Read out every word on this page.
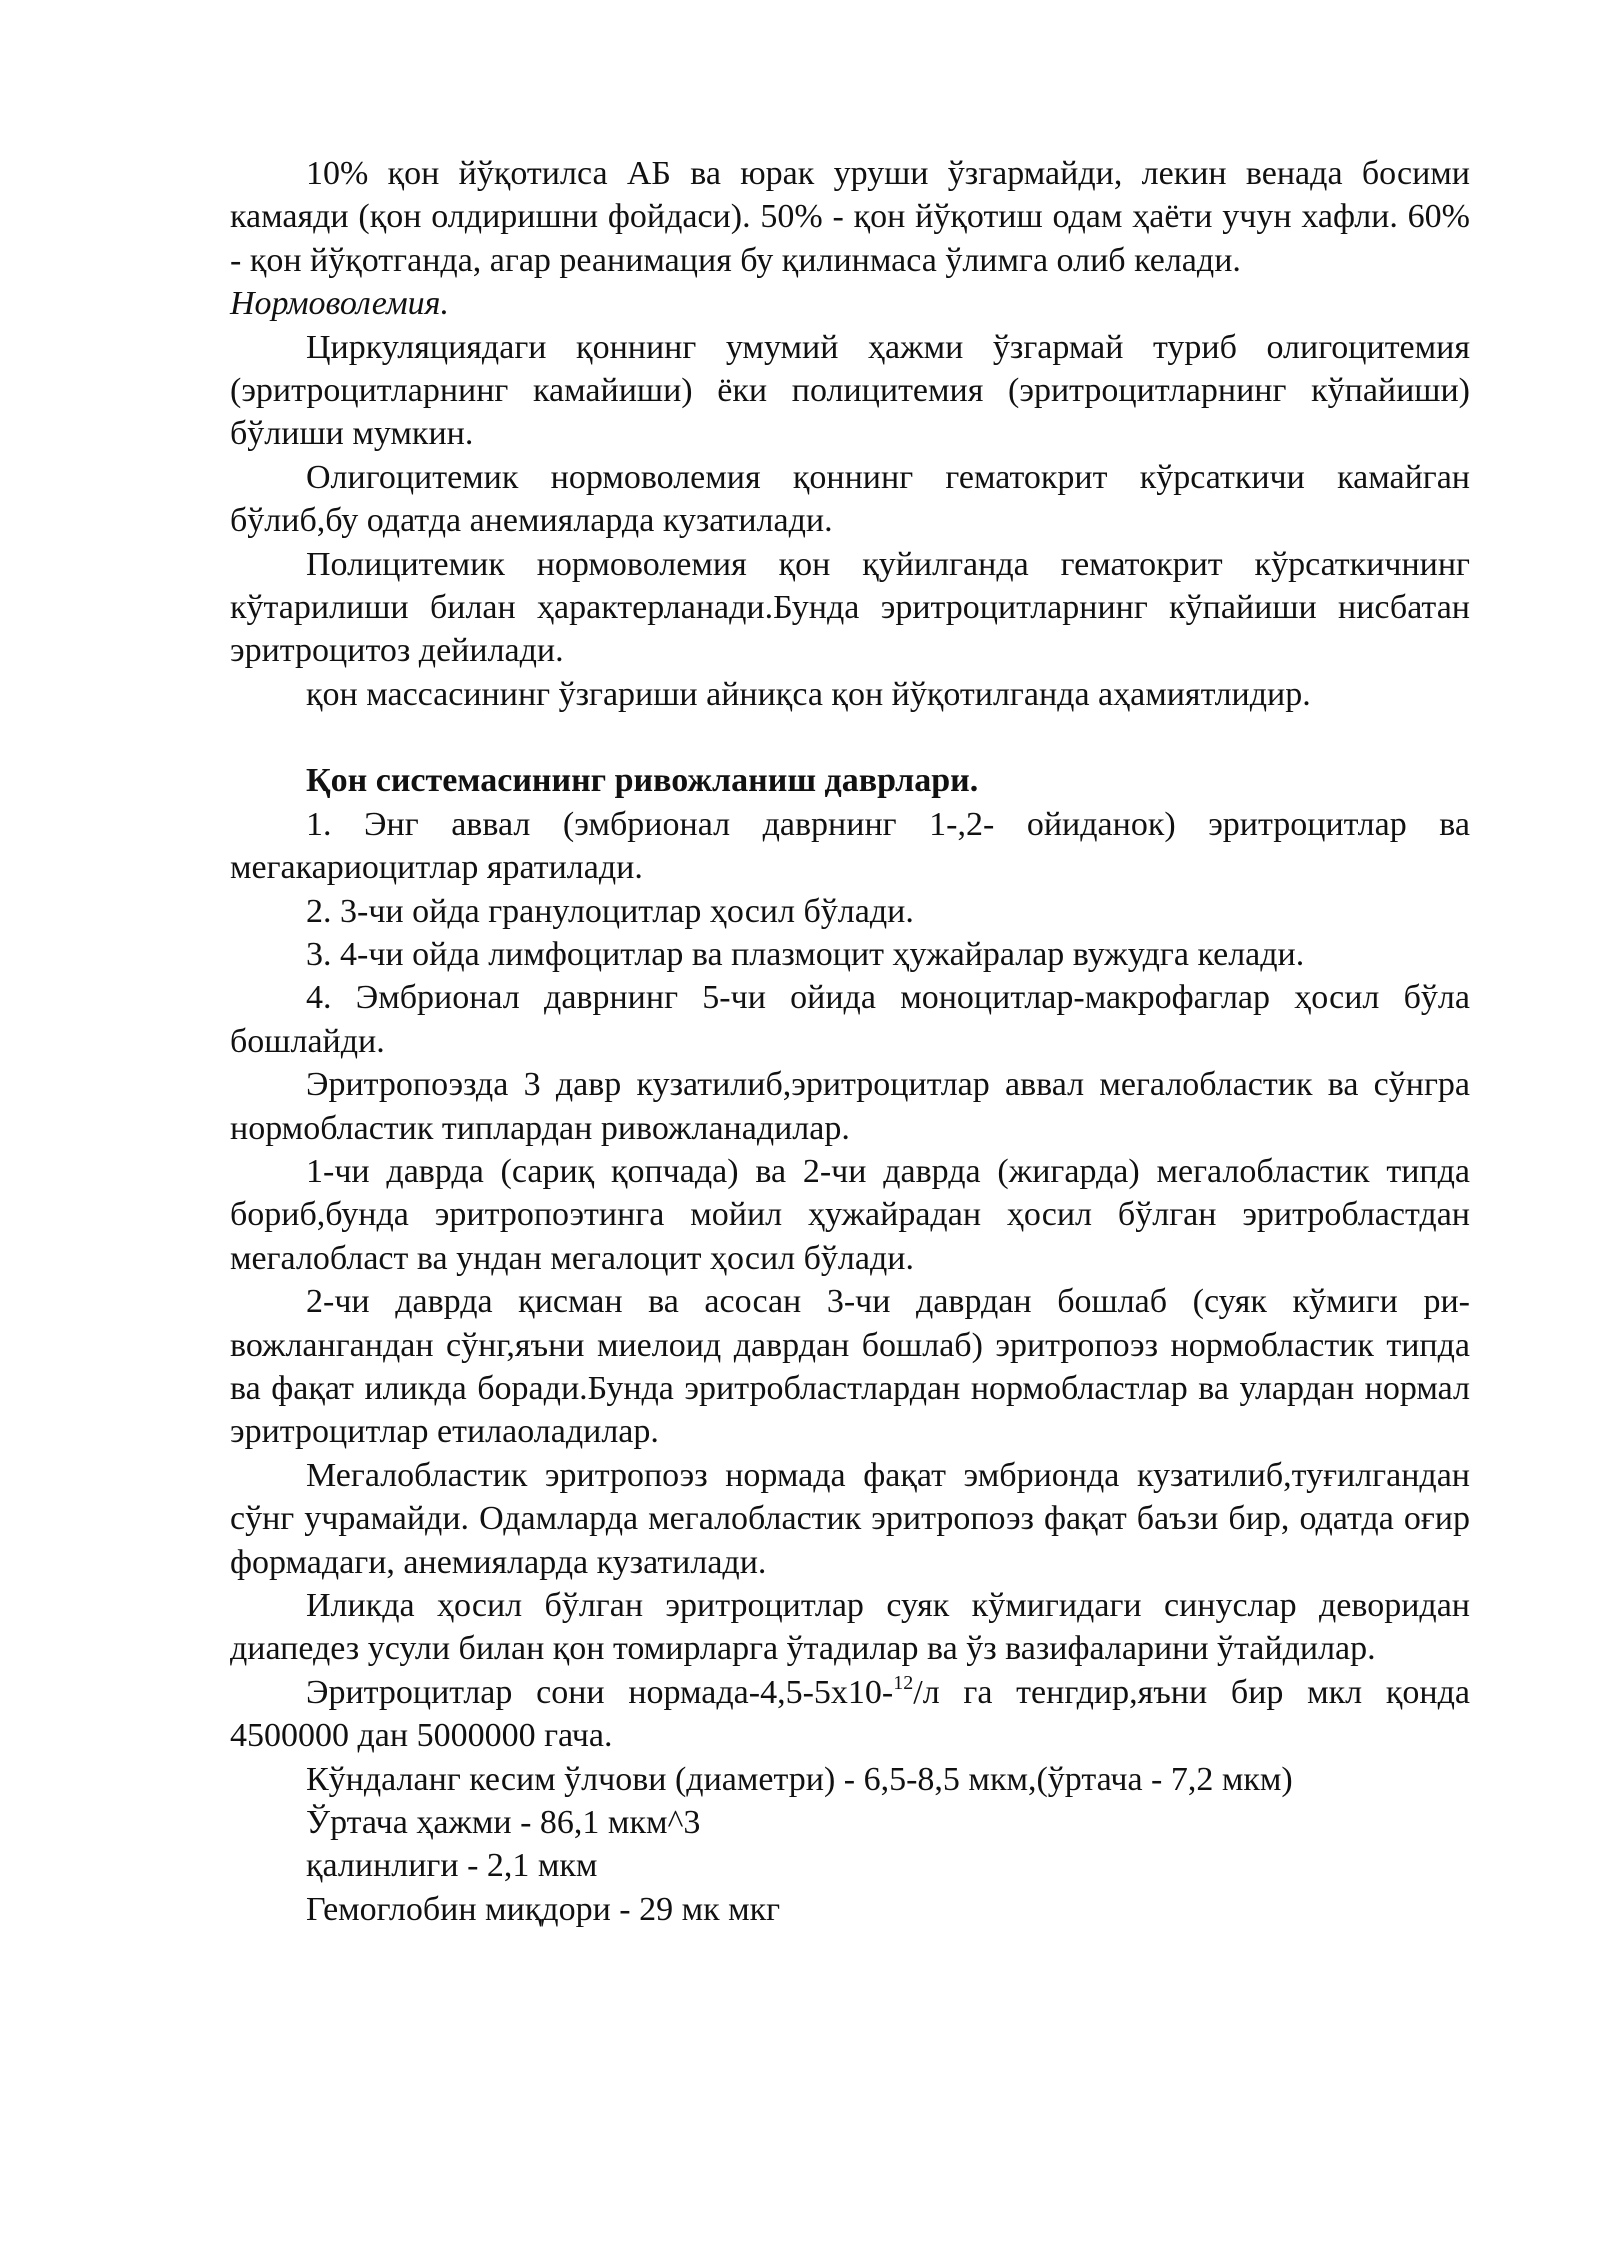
10% қон йўқотилса АБ ва юрак уруши ўзгармайди, лекин венада босими камаяди (қон олдиришни фойдаси). 50% - қон йўқотиш одам ҳаёти учун хафли. 60% - қон йўқотганда, агар реанимация бу қилинмаса ўлимга олиб келади.

Нормоволемия.

Циркуляциядаги қоннинг умумий ҳажми ўзгармай туриб олигоцитемия (эритроцитларнинг камайиши) ёки полицитемия (эритроцитларнинг кўпайиши) бўлиши мумкин.

Олигоцитемик нормоволемия қоннинг гематокрит кўрсаткичи камайган бўлиб,бу одатда анемияларда кузатилади.

Полицитемик нормоволемия қон қуйилганда гематокрит кўрсаткичнинг кўтарилиши билан ҳарактерланади.Бунда эритроцитларнинг кўпайиши нисбатан эритроцитоз дейилади.

қон массасининг ўзгариши айниқса қон йўқотилганда аҳамиятлидир.

Қон системасининг ривожланиш даврлари.

1. Энг аввал (эмбрионал даврнинг 1-,2- ойиданок) эритроцитлар ва мегакариоцитлар яратилади.

2. 3-чи ойда гранулоцитлар ҳосил бўлади.

3. 4-чи ойда лимфоцитлар ва плазмоцит ҳужайралар вужудга келади.

4. Эмбрионал даврнинг 5-чи ойида моноцитлар-макрофаглар ҳосил бўла бошлайди.

Эритропоэзда 3 давр кузатилиб,эритроцитлар аввал мегалобластик ва сўнгра нормобластик типлардан ривожланадилар.

1-чи даврда (сариқ қопчада) ва 2-чи даврда (жигарда) мегалобластик типда бориб,бунда эритропоэтинга мойил ҳужайрадан ҳосил бўлган эритробластдан мегалобласт ва ундан мегалоцит ҳосил бўлади.

2-чи даврда қисман ва асосан 3-чи даврдан бошлаб (суяк кўмиги ривожлангандан сўнг,яъни миелоид даврдан бошлаб) эритропоэз нормобластик типда ва фақат иликда боради.Бунда эритробластлардан нормобластлар ва улардан нормал эритроцитлар етилаоладилар.

Мегалобластик эритропоэз нормада фақат эмбрионда кузатилиб,туғилгандан сўнг учрамайди. Одамларда мегалобластик эритропоэз фақат баъзи бир, одатда оғир формадаги, анемияларда кузатилади.

Иликда ҳосил бўлган эритроцитлар суяк кўмигидаги синуслар деворидан диапедез усули билан қон томирларга ўтадилар ва ўз вазифаларини ўтайдилар.

Эритроцитлар сони нормада-4,5-5х10-$^{12}$/л га тенгдир,яъни бир мкл қонда 4500000 дан 5000000 гача.

Кўндаланг кесим ўлчови (диаметри) - 6,5-8,5 мкм,(ўртача - 7,2 мкм)

Ўртача ҳажми - 86,1 мкм^3

қалинлиги - 2,1 мкм

Гемоглобин миқдори - 29 мк мкг
